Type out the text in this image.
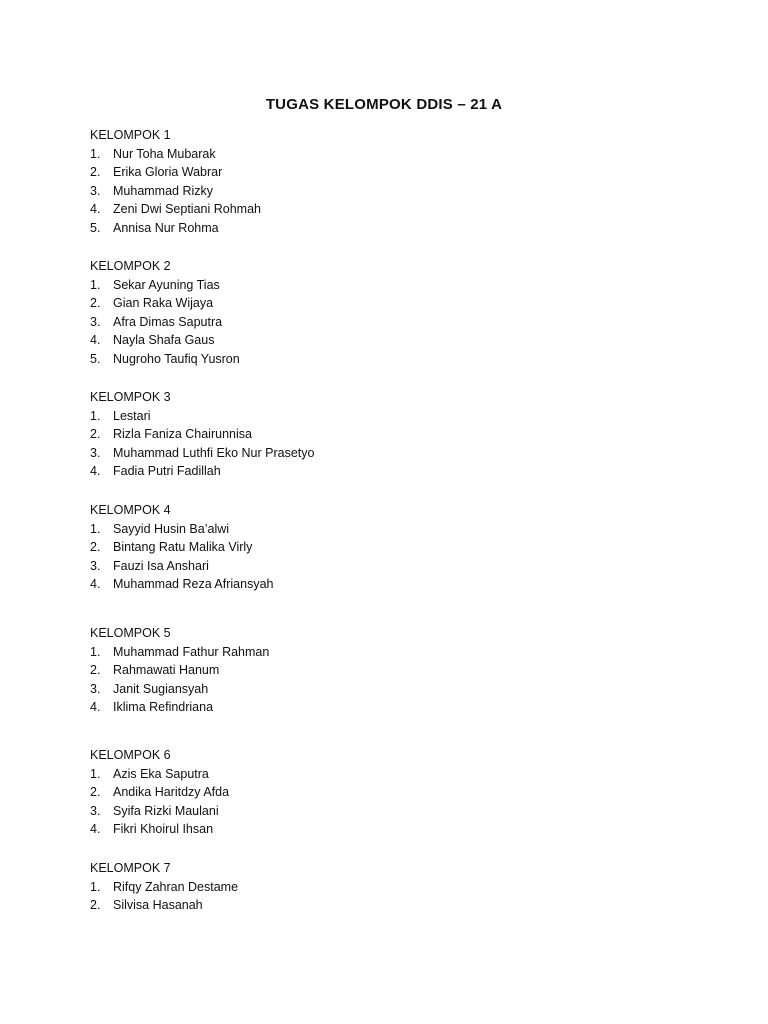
TUGAS KELOMPOK DDIS – 21 A
KELOMPOK 1
1.	Nur Toha Mubarak
2.	Erika Gloria Wabrar
3.	Muhammad Rizky
4.	Zeni Dwi Septiani Rohmah
5.	Annisa Nur Rohma
KELOMPOK 2
1.	Sekar Ayuning Tias
2.	Gian Raka Wijaya
3.	Afra Dimas Saputra
4.	Nayla Shafa Gaus
5.	Nugroho Taufiq Yusron
KELOMPOK 3
1.	Lestari
2.	Rizla Faniza Chairunnisa
3.	Muhammad Luthfi Eko Nur Prasetyo
4.	Fadia Putri Fadillah
KELOMPOK 4
1.	Sayyid Husin Ba’alwi
2.	Bintang Ratu Malika Virly
3.	Fauzi Isa Anshari
4.	Muhammad Reza Afriansyah
KELOMPOK 5
1.	Muhammad Fathur Rahman
2.	Rahmawati Hanum
3.	Janit Sugiansyah
4.	Iklima Refindriana
KELOMPOK 6
1.	Azis Eka Saputra
2.	Andika Haritdzy Afda
3.	Syifa Rizki Maulani
4.	Fikri Khoirul Ihsan
KELOMPOK 7
1.	Rifqy Zahran Destame
2.	Silvisa Hasanah
